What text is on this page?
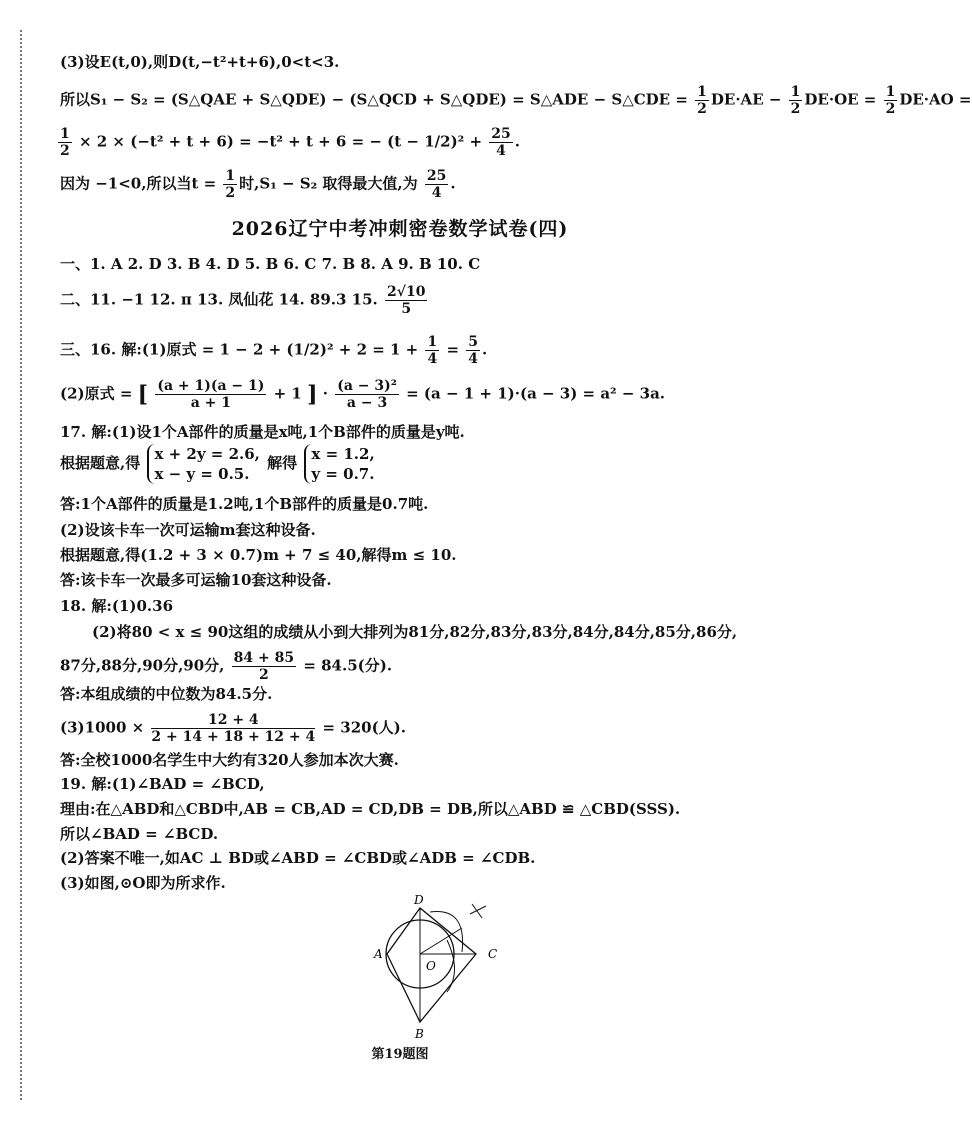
(3)设E(t,0),则D(t,−t²+t+6),0<t<3.
所以S₁ − S₂ = (S△QAE + S△QDE) − (S△QCD + S△QDE) = S△ADE − S△CDE = $\frac{1}{2} DE\cdot AE - \frac{1}{2} DE\cdot OE = \frac{1}{2} DE\cdot AO$ =
$\frac{1}{2} \times 2 \times (-t^2 + t + 6) = -t^2 + t + 6$ = − $(t - 1/2)^2 + \frac{25}{4}$ .
因为 −1<0,所以当$t = \frac{1}{2}$ 时,S₁ − S₂ 取得最大值,为 $\frac{25}{4}$ .
2026辽宁中考冲刺密卷数学试卷(四)
一、1. A 2. D 3. B 4. D 5. B 6. C 7. B 8. A 9. B 10. C
二、11. −1 12. π 13. 凤仙花 14. 89.3 15. $\frac{2√10}{5}$
三、16. 解:(1)原式 = $1 - 2 + (1/2)^2 + 2 = 1 + \frac{1}{4} = \frac{5}{4}$ .
(2)原式 = [ $\frac{(a + 1)(a - 1)}{a + 1} + 1$ ] · $\frac{\text{(a − 3)²}}{a - 3} = (a - 1 + 1)\cdot(a - 3) = a^2 - 3a$.
17. 解:(1)设1个A部件的质量是x吨,1个B部件的质量是y吨.
根据题意,得 x + 2y = 2.6,
x − y = 0.5.
解得 x = 1.2,
y = 0.7.
答:1个A部件的质量是1.2吨,1个B部件的质量是0.7吨.
(2)设该卡车一次可运输m套这种设备.
根据题意,得(1.2 + 3 × 0.7)m + 7 ≤ 40,解得m ≤ 10.
答:该卡车一次最多可运输10套这种设备.
18. 解:(1)0.36
(2)将80 < x ≤ 90这组的成绩从小到大排列为81分,82分,83分,83分,84分,84分,85分,86分,
87分,88分,90分,90分, $\frac{84 + 85}{2} = 84.5$(分).
答:本组成绩的中位数为84.5分.
$(3)1000 \times \frac{12 + 4}{2 + 14 + 18 + 12 + 4} = 320$(人).
答:全校1000名学生中大约有320人参加本次大赛.
19. 解:(1)∠BAD = ∠BCD,
理由:在△ABD和△CBD中,AB = CB,AD = CD,DB = DB,所以△ABD ≌ △CBD(SSS).
所以∠BAD = ∠BCD.
(2)答案不唯一,如AC ⊥ BD或∠ABD = ∠CBD或∠ADB = ∠CDB.
(3)如图,⊙O即为所求作.
D
A	C
O
B
第19题图
